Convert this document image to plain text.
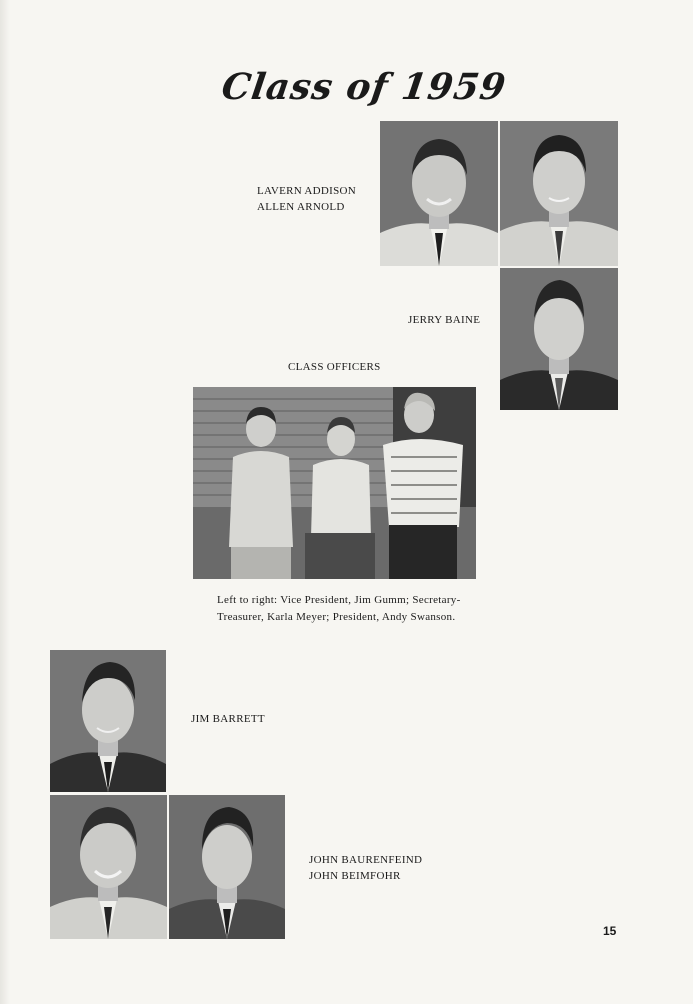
Class of 1959
LAVERN ADDISON
ALLEN ARNOLD
JERRY BAINE
CLASS OFFICERS
Left to right: Vice President, Jim Gumm; Secretary-Treasurer, Karla Meyer; President, Andy Swanson.
JIM BARRETT
JOHN BAURENFEIND
JOHN BEIMFOHR
15
